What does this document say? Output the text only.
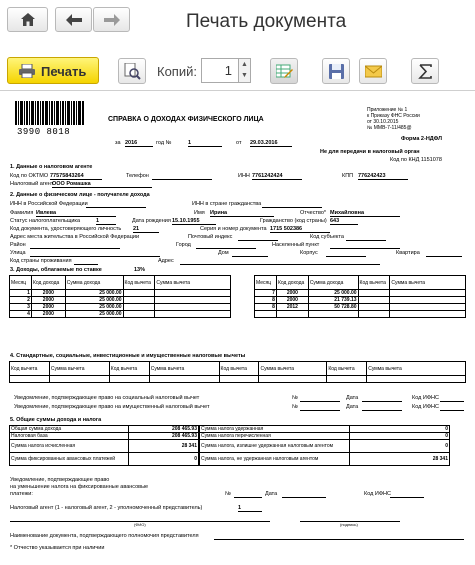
Печать документа
Печать	Копий:	1	▲
▼
3990 8018
СПРАВКА О ДОХОДАХ ФИЗИЧЕСКОГО ЛИЦА
Приложение № 1
к Приказу ФНС России
от 30.10.2015
№ ММВ-7-11/485@
Форма 2-НДФЛ
за 2016	год №	1	от 29.03.2016
Не для передачи в налоговый орган
Код по КНД 1151078
1. Данные о налоговом агенте
Код по ОКТМО 77575843264	Телефон	ИНН 7761242424	КПП 776242423
Налоговый агент
ООО Ромашка
2. Данные о физическом лице - получателе дохода
ИНН в Российской Федерации	ИНН в стране гражданства
Фамилия Ивлева	Имя Ирина	Отчество* Михайловна
Статус налогоплательщика	1	Дата рождения 15.10.1955	Гражданство (код страны) 643
Код документа, удостоверяющего личность 21	Серия и номер документа 1715 502386
Адрес места жительства в Российской Федерации	Почтовый индекс	Код субъекта
Район	Город	Населенный пункт
Улица	Дом	Корпус	Квартира
Код страны проживания	Адрес
3. Доходы, облагаемые по ставке	13%
Месяц	Код дохода	Сумма дохода	Код вычета	Сумма вычета
1	2000	25 000.00		
2	2000	25 000.00		
3	2000	25 000.00		
4	2000	25 000.00		
Месяц	Код дохода	Сумма дохода	Код вычета	Сумма вычета
7	2000	25 000.00		
8	2000	21 739.13		
8	2012	50 728.80		

4. Стандартные, социальные, инвестиционные и имущественные налоговые вычеты
Код вычета	Сумма вычета	Код вычета	Сумма вычета	Код вычета	Сумма вычета	Код вычета	Сумма вычета

Уведомление, подтверждающее право на социальный налоговый вычет	№	Дата	Код ИФНС
Уведомление, подтверждающее право на имущественный налоговый вычет	№	Дата	Код ИФНС
5. Общие суммы дохода и налога
Общая сумма дохода	208 465.93
Налоговая база	208 465.93
Сумма налога исчисленная	28 341
Сумма фиксированных авансовых платежей	0
Сумма налога удержанная	0
Сумма налога перечисленная	0
Сумма налога, излишне удержанная налоговым агентом	0
Сумма налога, не удержанная налоговым агентом	28 341
Уведомление, подтверждающее право
на уменьшение налога на фиксированные авансовые
платежи:	№	Дата	Код ИФНС
Налоговый агент (1 - налоговый агент, 2 - уполномоченный представитель)	1
(ФИО)	(подпись)
Наименование документа, подтверждающего полномочия представителя
* Отчество указывается при наличии
